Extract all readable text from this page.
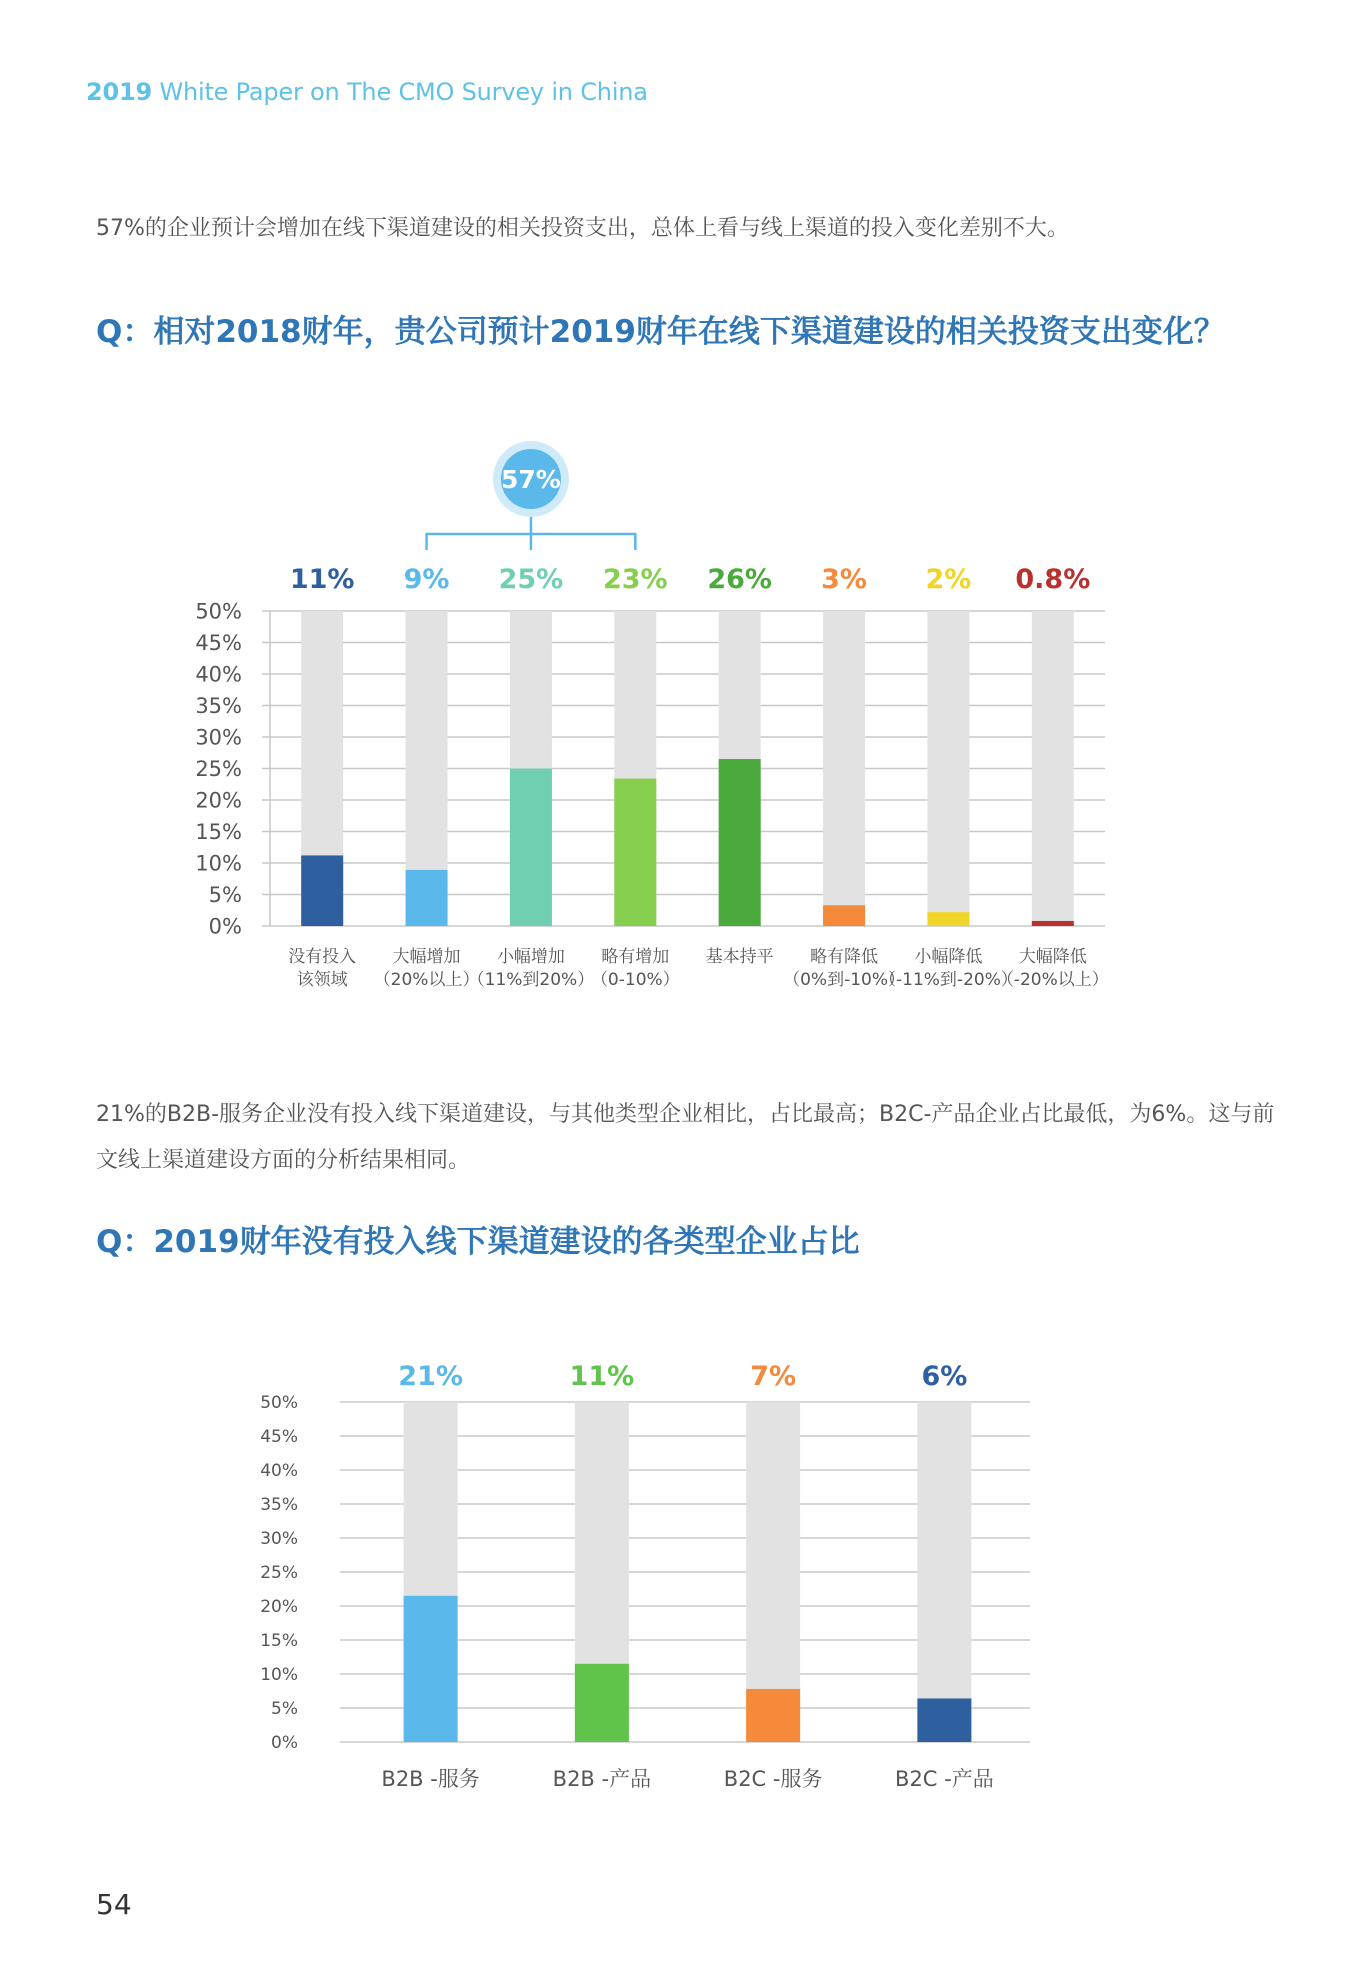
2019 White Paper on The CMO Survey in China
57%的企业预计会增加在线下渠道建设的相关投资支出，总体上看与线上渠道的投入变化差别不大。
Q：相对2018财年，贵公司预计2019财年在线下渠道建设的相关投资支出变化？
0%
5%
10%
15%
20%
25%
30%
35%
40%
45%
50%
11%
没有投入
该领域
9%
大幅增加
（20%以上）
25%
小幅增加
（11%到20%）
23%
略有增加
（0-10%）
26%
基本持平
3%
略有降低
（0%到-10%）
2%
小幅降低
（-11%到-20%）
0.8%
大幅降低
（-20%以上）
57%
21%的B2B-服务企业没有投入线下渠道建设，与其他类型企业相比，占比最高；B2C-产品企业占比最低，为6%。这与前文线上渠道建设方面的分析结果相同。
Q：2019财年没有投入线下渠道建设的各类型企业占比
0%
5%
10%
15%
20%
25%
30%
35%
40%
45%
50%
21%
B2B -服务
11%
B2B -产品
7%
B2C -服务
6%
B2C -产品
54
